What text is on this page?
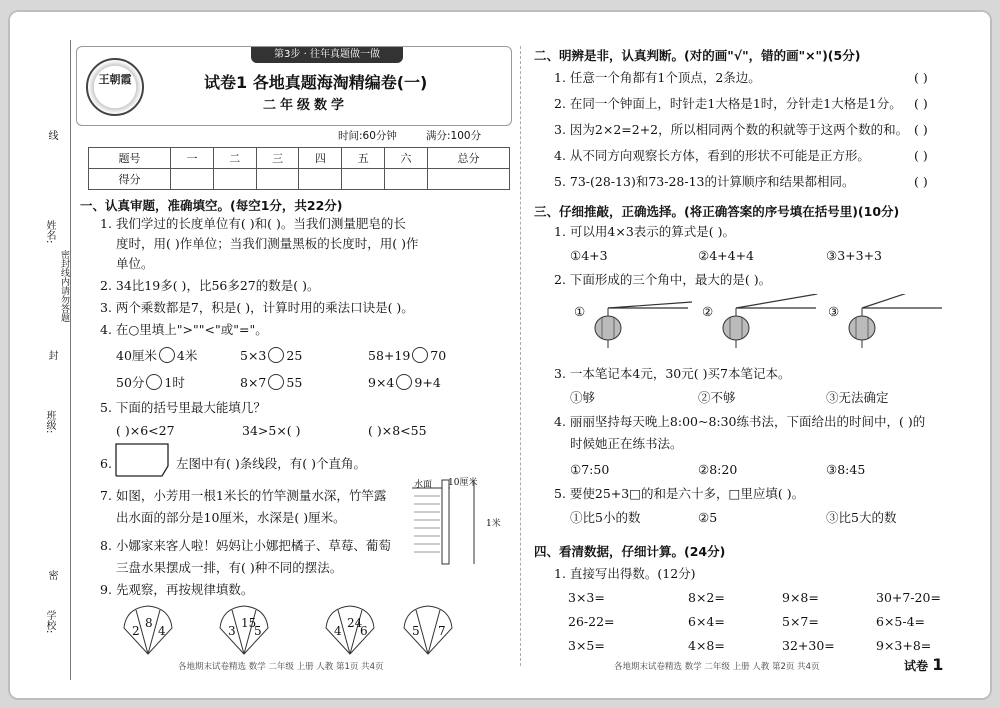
线
姓名:
密封线内请勿答题
封
班级:
密
学校:
第3步 · 往年真题做一做
王朝霞	试卷1 各地真题海淘精编卷(一)
二年级数学
时间:60分钟	满分:100分
题号	一	二	三	四	五	六	总分
得分							
一、认真审题，准确填空。(每空1分，共22分)
1. 我们学过的长度单位有( )和( )。当我们测量肥皂的长
度时，用( )作单位；当我们测量黑板的长度时，用( )作
单位。
2. 34比19多( )，比56多27的数是( )。
3. 两个乘数都是7，积是( )，计算时用的乘法口诀是( )。
4. 在○里填上">""<"或"="。
40厘米 4米	5×3 25	58+19 70
50分 1时	8×7 55	9×4 9+4
5. 下面的括号里最大能填几？
( )×6<27	34>5×( )	( )×8<55
6.	左图中有( )条线段，有( )个直角。
7. 如图，小芳用一根1米长的竹竿测量水深，竹竿露
出水面的部分是10厘米，水深是( )厘米。
水面 10厘米
1米
8. 小娜家来客人啦！妈妈让小娜把橘子、草莓、葡萄
三盘水果摆成一排，有( )种不同的摆法。
9. 先观察，再按规律填数。
2
8
4	3
15
5	4
24
6	5 7
各地期末试卷精选 数学 二年级 上册 人教 第1页 共4页
二、明辨是非，认真判断。(对的画"√"，错的画"×")(5分)
1. 任意一个角都有1个顶点，2条边。	( )
2. 在同一个钟面上，时针走1大格是1时，分针走1大格是1分。 ( )
3. 因为2×2=2+2，所以相同两个数的积就等于这两个数的和。 ( )
4. 从不同方向观察长方体，看到的形状不可能是正方形。	( )
5. 73-(28-13)和73-28-13的计算顺序和结果都相同。	( )
三、仔细推敲，正确选择。(将正确答案的序号填在括号里)(10分)
1. 可以用4×3表示的算式是( )。
①4+3	②4+4+4	③3+3+3
2. 下面形成的三个角中，最大的是( )。
①	②	③
3. 一本笔记本4元，30元( )买7本笔记本。
①够	②不够	③无法确定
4. 丽丽坚持每天晚上8:00~8:30练书法，下面给出的时间中，( )的
时候她正在练书法。
①7:50	②8:20	③8:45
5. 要使25+3□的和是六十多，□里应填( )。
①比5小的数	②5	③比5大的数
四、看清数据，仔细计算。(24分)
1. 直接写出得数。(12分)
3×3=	8×2=	9×8=	30+7-20=
26-22=	6×4=	5×7=	6×5-4=
3×5=	4×8=	32+30=	9×3+8=
各地期末试卷精选 数学 二年级 上册 人教 第2页 共4页	试卷 1
